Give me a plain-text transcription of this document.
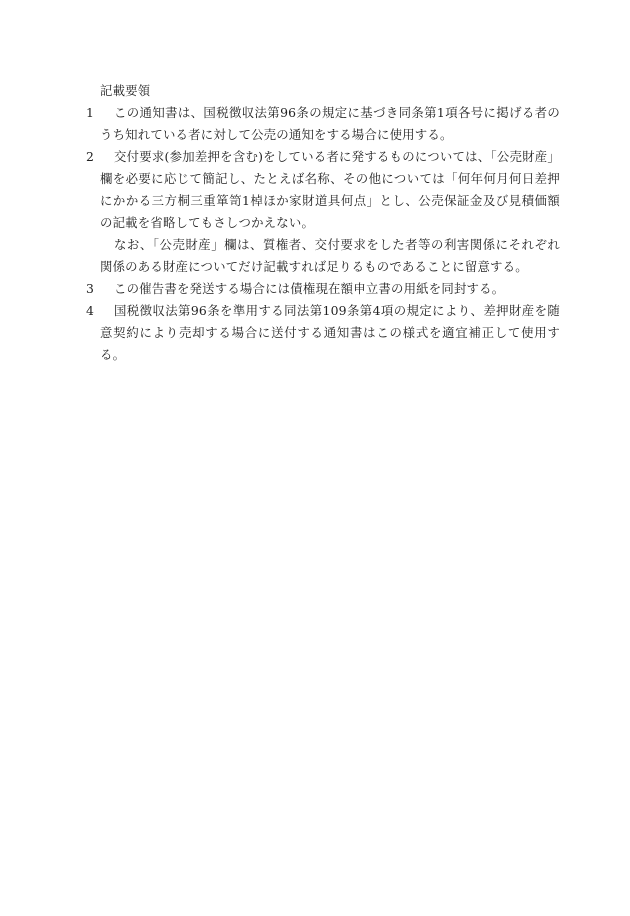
記載要領
1	この通知書は、国税徴収法第96条の規定に基づき同条第1項各号に掲げる者のうち知れている者に対して公売の通知をする場合に使用する。
2	交付要求(参加差押を含む)をしている者に発するものについては、「公売財産」欄を必要に応じて簡記し、たとえば名称、その他については「何年何月何日差押にかかる三方桐三重箪笥1棹ほか家財道具何点」とし、公売保証金及び見積価額の記載を省略してもさしつかえない。
なお、「公売財産」欄は、質権者、交付要求をした者等の利害関係にそれぞれ関係のある財産についてだけ記載すれば足りるものであることに留意する。
3	この催告書を発送する場合には債権現在額申立書の用紙を同封する。
4	国税徴収法第96条を準用する同法第109条第4項の規定により、差押財産を随意契約により売却する場合に送付する通知書はこの様式を適宜補正して使用する。
